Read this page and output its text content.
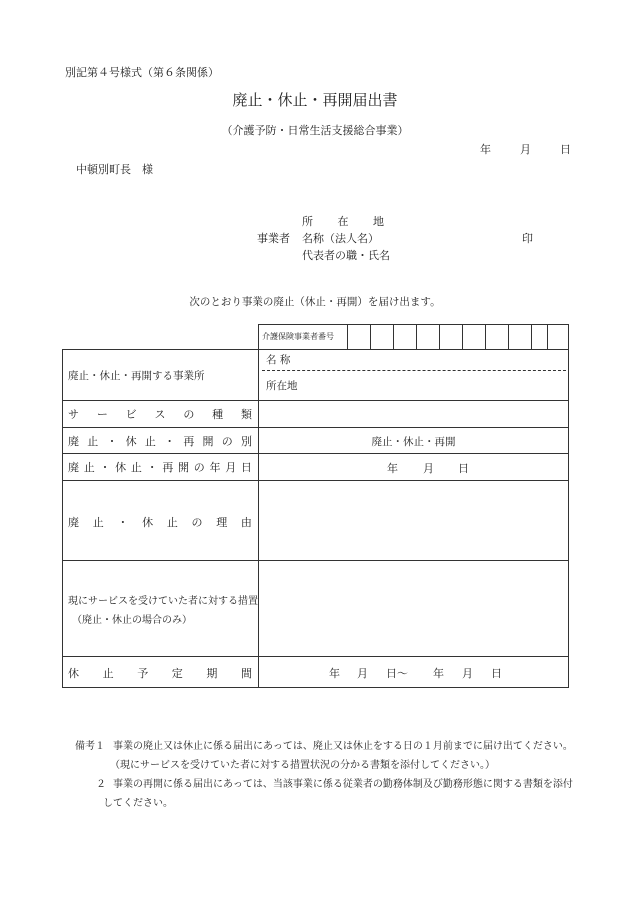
別記第４号様式（第６条関係）
廃止・休止・再開届出書
（介護予防・日常生活支援総合事業）
年	月	日
中頓別町長　様
所 在 地
事業者 名称（法人名）	印
代表者の職・氏名
次のとおり事業の廃止（休止・再開）を届け出ます。
介護保険事業者番号
廃止・休止・再開する事業所
名 称
所在地
サ ー ビ ス の 種 類
廃 止 ・ 休 止 ・ 再 開 の 別	廃止・休止・再開
廃 止 ・ 休 止 ・ 再 開 の 年 月 日	年 月 日
廃 止 ・ 休 止 の 理 由
現にサービスを受けていた者に対する措置
（廃止・休止の場合のみ）
休 止 予 定 期 間	年 月 日～ 年 月 日
備考１ 事業の廃止又は休止に係る届出にあっては、廃止又は休止をする日の１月前までに届け出てください。
（現にサービスを受けていた者に対する措置状況の分かる書類を添付してください。）
２ 事業の再開に係る届出にあっては、当該事業に係る従業者の勤務体制及び勤務形態に関する書類を添付
してください。
